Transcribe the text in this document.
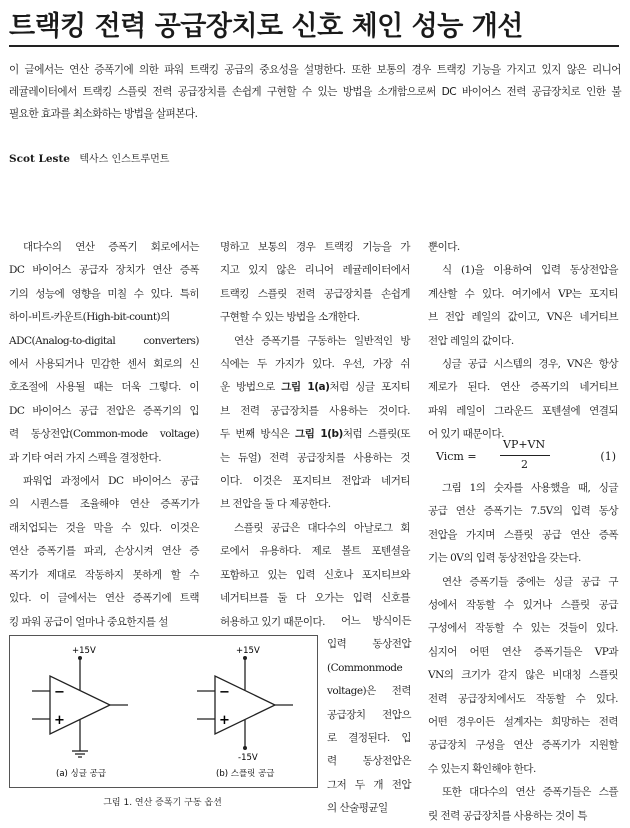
트랙킹 전력 공급장치로 신호 체인 성능 개선
이 글에서는 연산 증폭기에 의한 파워 트랙킹 공급의 중요성을 설명한다. 또한 보통의 경우 트랙킹 기능을 가지고 있지 않은 리니어
레귤레이터에서 트랙킹 스플릿 전력 공급장치를 손쉽게 구현할 수 있는 방법을 소개함으로써 DC 바이어스 전력 공급장치로 인한 불
필요한 효과를 최소화하는 방법을 살펴본다.
Scot Leste 텍사스 인스트루먼트
대다수의 연산 증폭기 회로에서는
DC 바이어스 공급자 장치가 연산 증폭
기의 성능에 영향을 미칠 수 있다. 특히
하이-비트-카운트(High-bit-count)의
ADC(Analog-to-digital converters)
에서 사용되거나 민감한 센서 회로의 신
호조절에 사용될 때는 더욱 그렇다. 이
DC 바이어스 공급 전압은 증폭기의 입
력 동상전압(Common-mode voltage)
과 기타 여러 가지 스펙을 결정한다.
파워업 과정에서 DC 바이어스 공급
의 시퀀스를 조율해야 연산 증폭기가
래치업되는 것을 막을 수 있다. 이것은
연산 증폭기를 파괴, 손상시켜 연산 증
폭기가 제대로 작동하지 못하게 할 수
있다. 이 글에서는 연산 증폭기에 트랙
킹 파워 공급이 얼마나 중요한지를 설
명하고 보통의 경우 트랙킹 기능을 가
지고 있지 않은 리니어 레귤레이터에서
트랙킹 스플릿 전력 공급장치를 손쉽게
구현할 수 있는 방법을 소개한다.
연산 증폭기를 구동하는 일반적인 방
식에는 두 가지가 있다. 우선, 가장 쉬
운 방법으로 그림 1(a)처럼 싱글 포지티
브 전력 공급장치를 사용하는 것이다.
두 번째 방식은 그림 1(b)처럼 스플릿(또
는 듀얼) 전력 공급장치를 사용하는 것
이다. 이것은 포지티브 전압과 네거티
브 전압을 둘 다 제공한다.
스플릿 공급은 대다수의 아날로그 회
로에서 유용하다. 제로 볼트 포텐셜을
포함하고 있는 입력 신호나 포지티브와
네거티브를 둘 다 오가는 입력 신호를
허용하고 있기 때문이다.	어느 방식이든
입력 동상전압
(Commonmode
voltage)은 전력
공급장치 전압으
로 결정된다. 입
력 동상전압은
그저 두 개 전압
의 산술평균일
뿐이다.
식 (1)을 이용하여 입력 동상전압을
계산할 수 있다. 여기에서 VP는 포지티
브 전압 레일의 값이고, VN은 네거티브
전압 레일의 값이다.
싱글 공급 시스템의 경우, VN은 항상
제로가 된다. 연산 증폭기의 네거티브
파워 레일이 그라운드 포텐셜에 연결되
어 있기 때문이다.
Vicm =
VP+VN
2
(1)
그림 1의 숫자를 사용했을 때, 싱글
공급 연산 증폭기는 7.5V의 입력 동상
전압을 가지며 스플릿 공급 연산 증폭
기는 0V의 입력 동상전압을 갖는다.
연산 증폭기들 중에는 싱글 공급 구
성에서 작동할 수 있거나 스플릿 공급
구성에서 작동할 수 있는 것들이 있다.
심지어 어떤 연산 증폭기들은 VP과
VN의 크기가 같지 않은 비대칭 스플릿
전력 공급장치에서도 작동할 수 있다.
어떤 경우이든 설계자는 희망하는 전력
공급장치 구성을 연산 증폭기가 지원할
수 있는지 확인해야 한다.
또한 대다수의 연산 증폭기들은 스플
릿 전력 공급장치를 사용하는 것이 특
+15V	+15V
-15V
−
+
−
+
(a) 싱글 공급	(b) 스플릿 공급
그림 1. 연산 증폭기 구동 옵션
